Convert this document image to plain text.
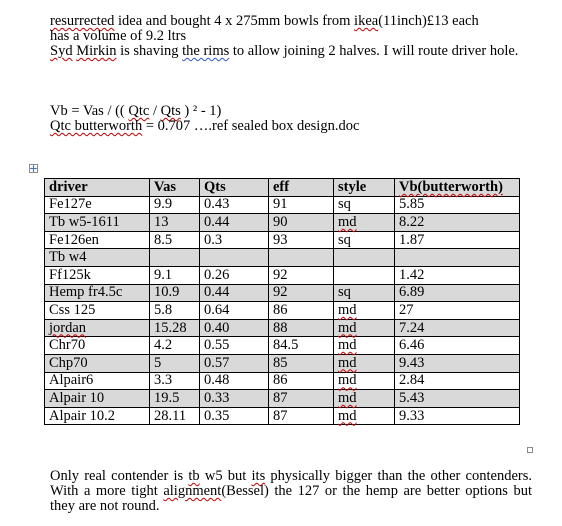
resurrected idea and bought 4 x 275mm bowls from ikea(11inch)£13 each
has a volume of 9.2 ltrs
Syd Mirkin is shaving the rims to allow joining 2 halves. I will route driver hole.

Vb = Vas / (( Qtc / Qts ) ² - 1)
Qtc butterworth = 0.707 ….ref sealed box design.doc

driver	Vas	Qts	eff	style	Vb(butterworth)
Fe127e	9.9	0.43	91	sq	5.85
Tb w5-1611	13	0.44	90	md	8.22
Fe126en	8.5	0.3	93	sq	1.87
Tb w4					
Ff125k	9.1	0.26	92		1.42
Hemp fr4.5c	10.9	0.44	92	sq	6.89
Css 125	5.8	0.64	86	md	27
jordan	15.28	0.40	88	md	7.24
Chr70	4.2	0.55	84.5	md	6.46
Chp70	5	0.57	85	md	9.43
Alpair6	3.3	0.48	86	md	2.84
Alpair 10	19.5	0.33	87	md	5.43
Alpair 10.2	28.11	0.35	87	md	9.33

Only real contender is tb w5 but its physically bigger than the other contenders. With a more tight alignment(Bessel) the 127 or the hemp are better options but they are not round.
